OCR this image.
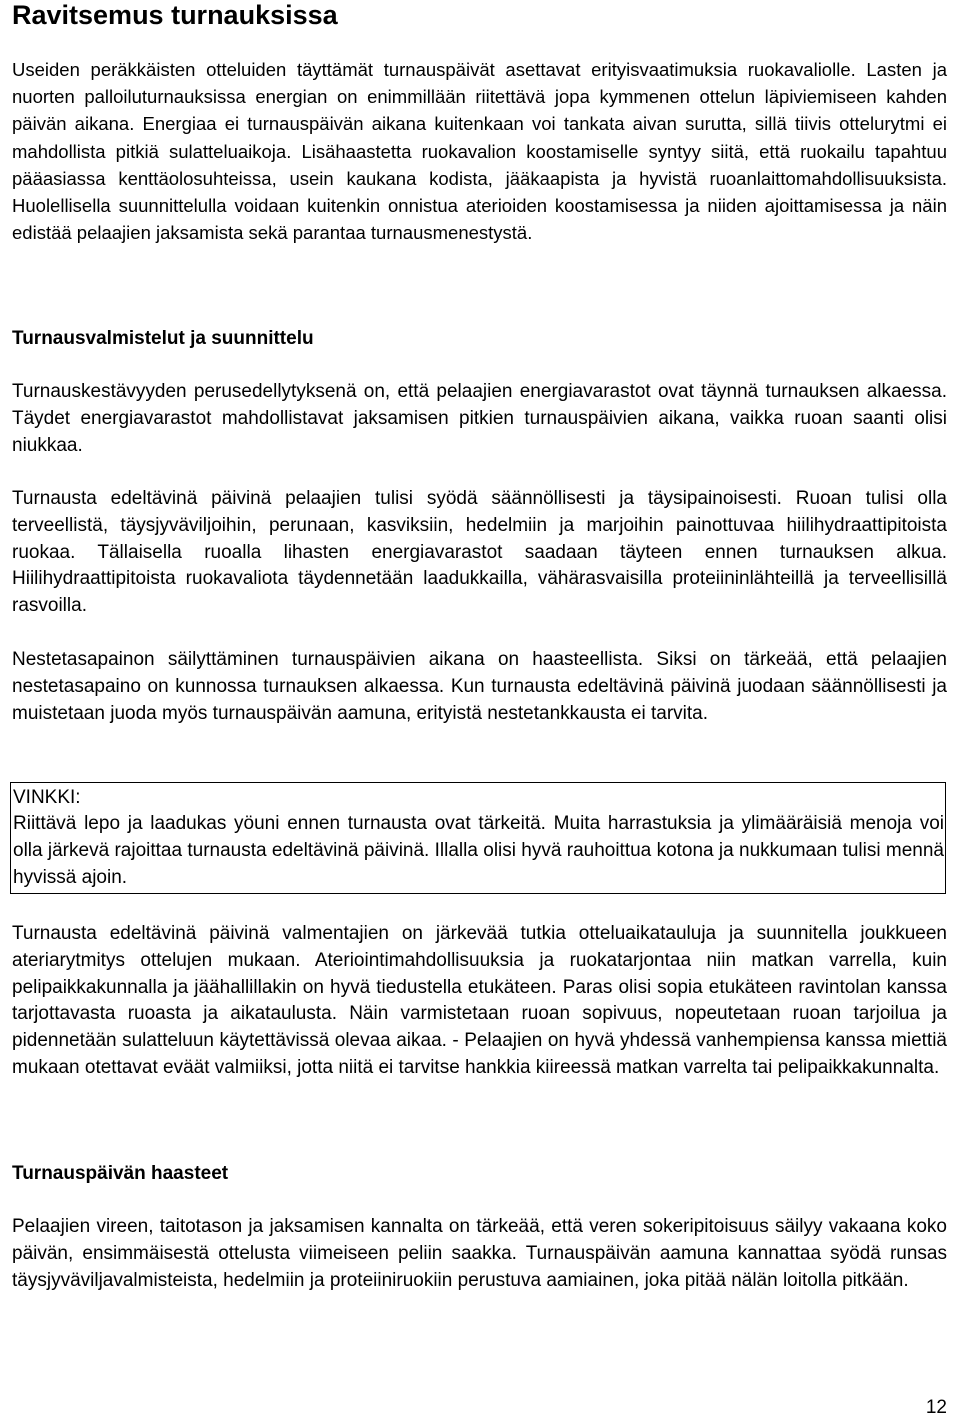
Ravitsemus turnauksissa

Useiden peräkkäisten otteluiden täyttämät turnauspäivät asettavat erityisvaatimuksia ruokavaliolle. Lasten ja nuorten palloiluturnauksissa energian on enimmillään riitettävä jopa kymmenen ottelun läpiviemiseen kahden päivän aikana. Energiaa ei turnauspäivän aikana kuitenkaan voi tankata aivan surutta, sillä tiivis ottelurytmi ei mahdollista pitkiä sulatteluaikoja. Lisähaastetta ruokavalion koostamiselle syntyy siitä, että ruokailu tapahtuu pääasiassa kenttäolosuhteissa, usein kaukana kodista, jääkaapista ja hyvistä ruoanlaittomahdollisuuksista. Huolellisella suunnittelulla voidaan kuitenkin onnistua aterioiden koostamisessa ja niiden ajoittamisessa ja näin edistää pelaajien jaksamista sekä parantaa turnausmenestystä.

Turnausvalmistelut ja suunnittelu

Turnauskestävyyden perusedellytyksenä on, että pelaajien energiavarastot ovat täynnä turnauksen alkaessa. Täydet energiavarastot mahdollistavat jaksamisen pitkien turnauspäivien aikana, vaikka ruoan saanti olisi niukkaa.

Turnausta edeltävinä päivinä pelaajien tulisi syödä säännöllisesti ja täysipainoisesti. Ruoan tulisi olla terveellistä, täysjyväviljoihin, perunaan, kasviksiin, hedelmiin ja marjoihin painottuvaa hiilihydraattipitoista ruokaa. Tällaisella ruoalla lihasten energiavarastot saadaan täyteen ennen turnauksen alkua. Hiilihydraattipitoista ruokavaliota täydennetään laadukkailla, vähärasvaisilla proteiininlähteillä ja terveellisillä rasvoilla.

Nestetasapainon säilyttäminen turnauspäivien aikana on haasteellista. Siksi on tärkeää, että pelaajien nestetasapaino on kunnossa turnauksen alkaessa. Kun turnausta edeltävinä päivinä juodaan säännöllisesti ja muistetaan juoda myös turnauspäivän aamuna, erityistä nestetankkausta ei tarvita.

VINKKI:

Riittävä lepo ja laadukas yöuni ennen turnausta ovat tärkeitä. Muita harrastuksia ja ylimääräisiä menoja voi olla järkevä rajoittaa turnausta edeltävinä päivinä. Illalla olisi hyvä rauhoittua kotona ja nukkumaan tulisi mennä hyvissä ajoin.

Turnausta edeltävinä päivinä valmentajien on järkevää tutkia otteluaikatauluja ja suunnitella joukkueen ateriarytmitys ottelujen mukaan. Ateriointimahdollisuuksia ja ruokatarjontaa niin matkan varrella, kuin pelipaikkakunnalla ja jäähallillakin on hyvä tiedustella etukäteen. Paras olisi sopia etukäteen ravintolan kanssa tarjottavasta ruoasta ja aikataulusta. Näin varmistetaan ruoan sopivuus, nopeutetaan ruoan tarjoilua ja pidennetään sulatteluun käytettävissä olevaa aikaa. - Pelaajien on hyvä yhdessä vanhempiensa kanssa miettiä mukaan otettavat eväät valmiiksi, jotta niitä ei tarvitse hankkia kiireessä matkan varrelta tai pelipaikkakunnalta.

Turnauspäivän haasteet

Pelaajien vireen, taitotason ja jaksamisen kannalta on tärkeää, että veren sokeripitoisuus säilyy vakaana koko päivän, ensimmäisestä ottelusta viimeiseen peliin saakka. Turnauspäivän aamuna kannattaa syödä runsas täysjyväviljavalmisteista, hedelmiin ja proteiiniruokiin perustuva aamiainen, joka pitää nälän loitolla pitkään.

12
